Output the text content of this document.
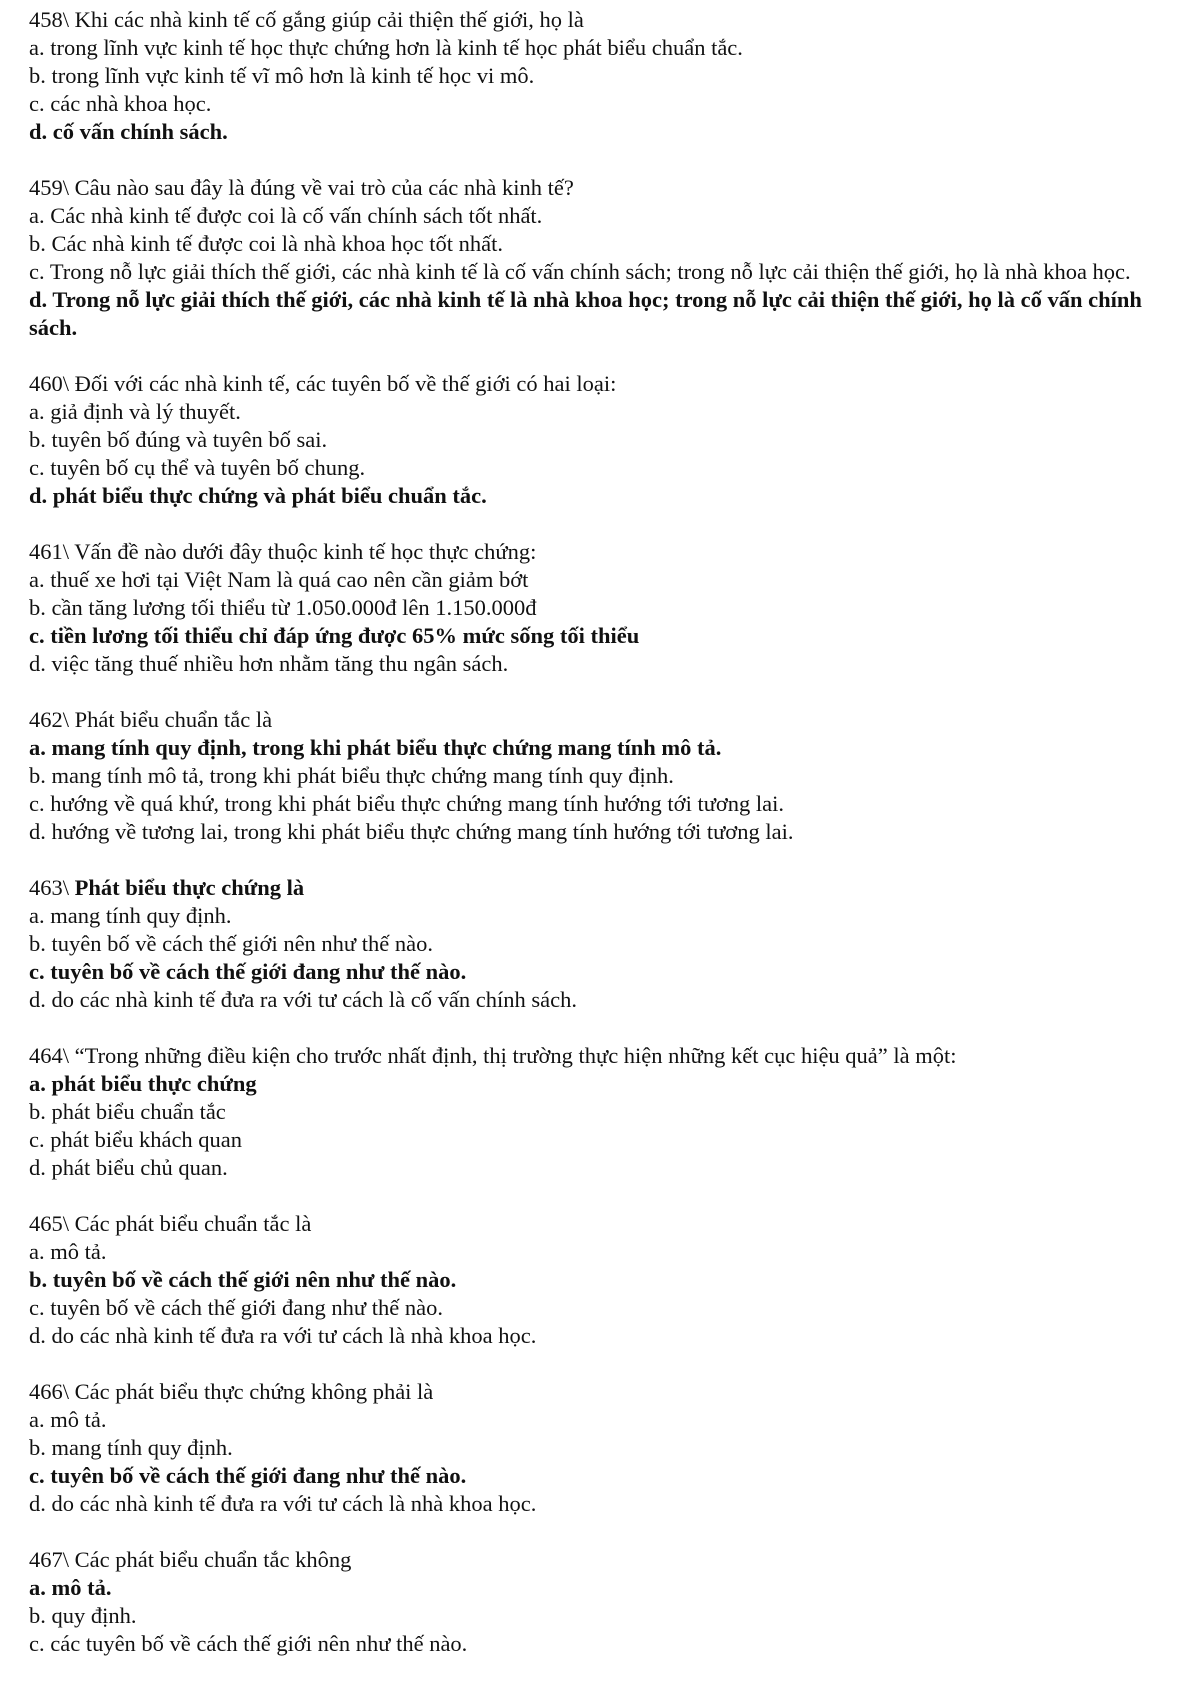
458\ Khi các nhà kinh tế cố gắng giúp cải thiện thế giới, họ là

a. trong lĩnh vực kinh tế học thực chứng hơn là kinh tế học phát biểu chuẩn tắc.

b. trong lĩnh vực kinh tế vĩ mô hơn là kinh tế học vi mô.

c. các nhà khoa học.

d. cố vấn chính sách.

459\ Câu nào sau đây là đúng về vai trò của các nhà kinh tế?

a. Các nhà kinh tế được coi là cố vấn chính sách tốt nhất.

b. Các nhà kinh tế được coi là nhà khoa học tốt nhất.

c. Trong nỗ lực giải thích thế giới, các nhà kinh tế là cố vấn chính sách; trong nỗ lực cải thiện thế giới, họ là nhà khoa học.

d. Trong nỗ lực giải thích thế giới, các nhà kinh tế là nhà khoa học; trong nỗ lực cải thiện thế giới, họ là cố vấn chính sách.

460\ Đối với các nhà kinh tế, các tuyên bố về thế giới có hai loại:

a. giả định và lý thuyết.

b. tuyên bố đúng và tuyên bố sai.

c. tuyên bố cụ thể và tuyên bố chung.

d. phát biểu thực chứng và phát biểu chuẩn tắc.

461\ Vấn đề nào dưới đây thuộc kinh tế học thực chứng:

a. thuế xe hơi tại Việt Nam là quá cao nên cần giảm bớt

b. cần tăng lương tối thiểu từ 1.050.000đ lên 1.150.000đ

c. tiền lương tối thiểu chỉ đáp ứng được 65% mức sống tối thiểu

d. việc tăng thuế nhiều hơn nhằm tăng thu ngân sách.

462\ Phát biểu chuẩn tắc là

a. mang tính quy định, trong khi phát biểu thực chứng mang tính mô tả.

b. mang tính mô tả, trong khi phát biểu thực chứng mang tính quy định.

c. hướng về quá khứ, trong khi phát biểu thực chứng mang tính hướng tới tương lai.

d. hướng về tương lai, trong khi phát biểu thực chứng mang tính hướng tới tương lai.

463\ Phát biểu thực chứng là

a. mang tính quy định.

b. tuyên bố về cách thế giới nên như thế nào.

c. tuyên bố về cách thế giới đang như thế nào.

d. do các nhà kinh tế đưa ra với tư cách là cố vấn chính sách.

464\ “Trong những điều kiện cho trước nhất định, thị trường thực hiện những kết cục hiệu quả” là một:

a. phát biểu thực chứng

b. phát biểu chuẩn tắc

c. phát biểu khách quan

d. phát biểu chủ quan.

465\ Các phát biểu chuẩn tắc là

a. mô tả.

b. tuyên bố về cách thế giới nên như thế nào.

c. tuyên bố về cách thế giới đang như thế nào.

d. do các nhà kinh tế đưa ra với tư cách là nhà khoa học.

466\ Các phát biểu thực chứng không phải là

a. mô tả.

b. mang tính quy định.

c. tuyên bố về cách thế giới đang như thế nào.

d. do các nhà kinh tế đưa ra với tư cách là nhà khoa học.

467\ Các phát biểu chuẩn tắc không

a. mô tả.

b. quy định.

c. các tuyên bố về cách thế giới nên như thế nào.
